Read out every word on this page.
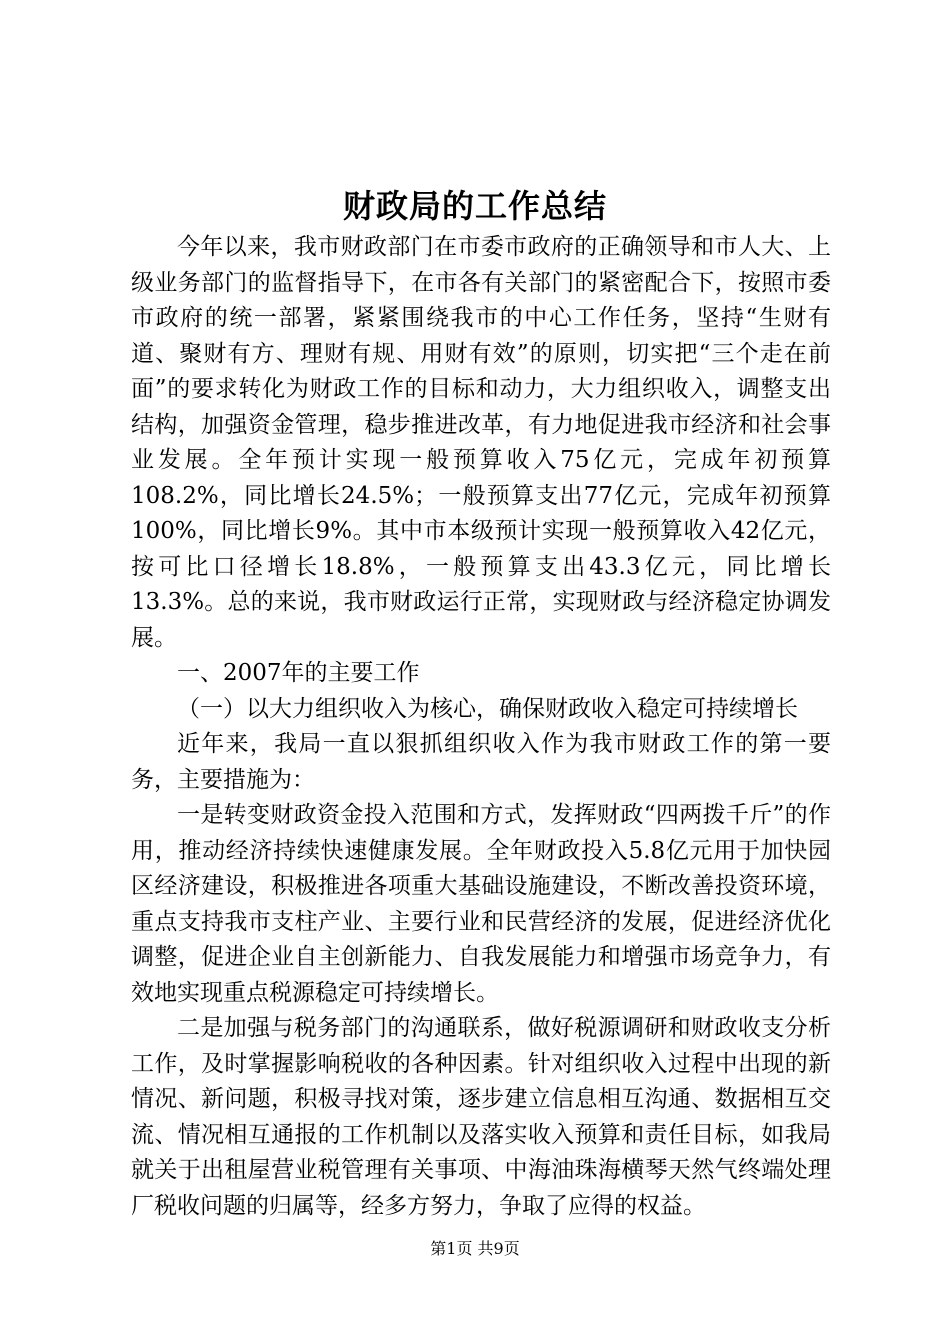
财政局的工作总结

今年以来，我市财政部门在市委市政府的正确领导和市人大、上级业务部门的监督指导下，在市各有关部门的紧密配合下，按照市委市政府的统一部署，紧紧围绕我市的中心工作任务，坚持“生财有道、聚财有方、理财有规、用财有效”的原则，切实把“三个走在前面”的要求转化为财政工作的目标和动力，大力组织收入，调整支出结构，加强资金管理，稳步推进改革，有力地促进我市经济和社会事业发展。全年预计实现一般预算收入75亿元，完成年初预算108.2%，同比增长24.5%；一般预算支出77亿元，完成年初预算100%，同比增长9%。其中市本级预计实现一般预算收入42亿元，按可比口径增长18.8%，一般预算支出43.3亿元，同比增长13.3%。总的来说，我市财政运行正常，实现财政与经济稳定协调发展。

一、2007年的主要工作

（一）以大力组织收入为核心，确保财政收入稳定可持续增长

近年来，我局一直以狠抓组织收入作为我市财政工作的第一要务，主要措施为：

一是转变财政资金投入范围和方式，发挥财政“四两拨千斤”的作用，推动经济持续快速健康发展。全年财政投入5.8亿元用于加快园区经济建设，积极推进各项重大基础设施建设，不断改善投资环境，重点支持我市支柱产业、主要行业和民营经济的发展，促进经济优化调整，促进企业自主创新能力、自我发展能力和增强市场竞争力，有效地实现重点税源稳定可持续增长。

二是加强与税务部门的沟通联系，做好税源调研和财政收支分析工作，及时掌握影响税收的各种因素。针对组织收入过程中出现的新情况、新问题，积极寻找对策，逐步建立信息相互沟通、数据相互交流、情况相互通报的工作机制以及落实收入预算和责任目标，如我局就关于出租屋营业税管理有关事项、中海油珠海横琴天然气终端处理厂税收问题的归属等，经多方努力，争取了应得的权益。

第1页 共9页
